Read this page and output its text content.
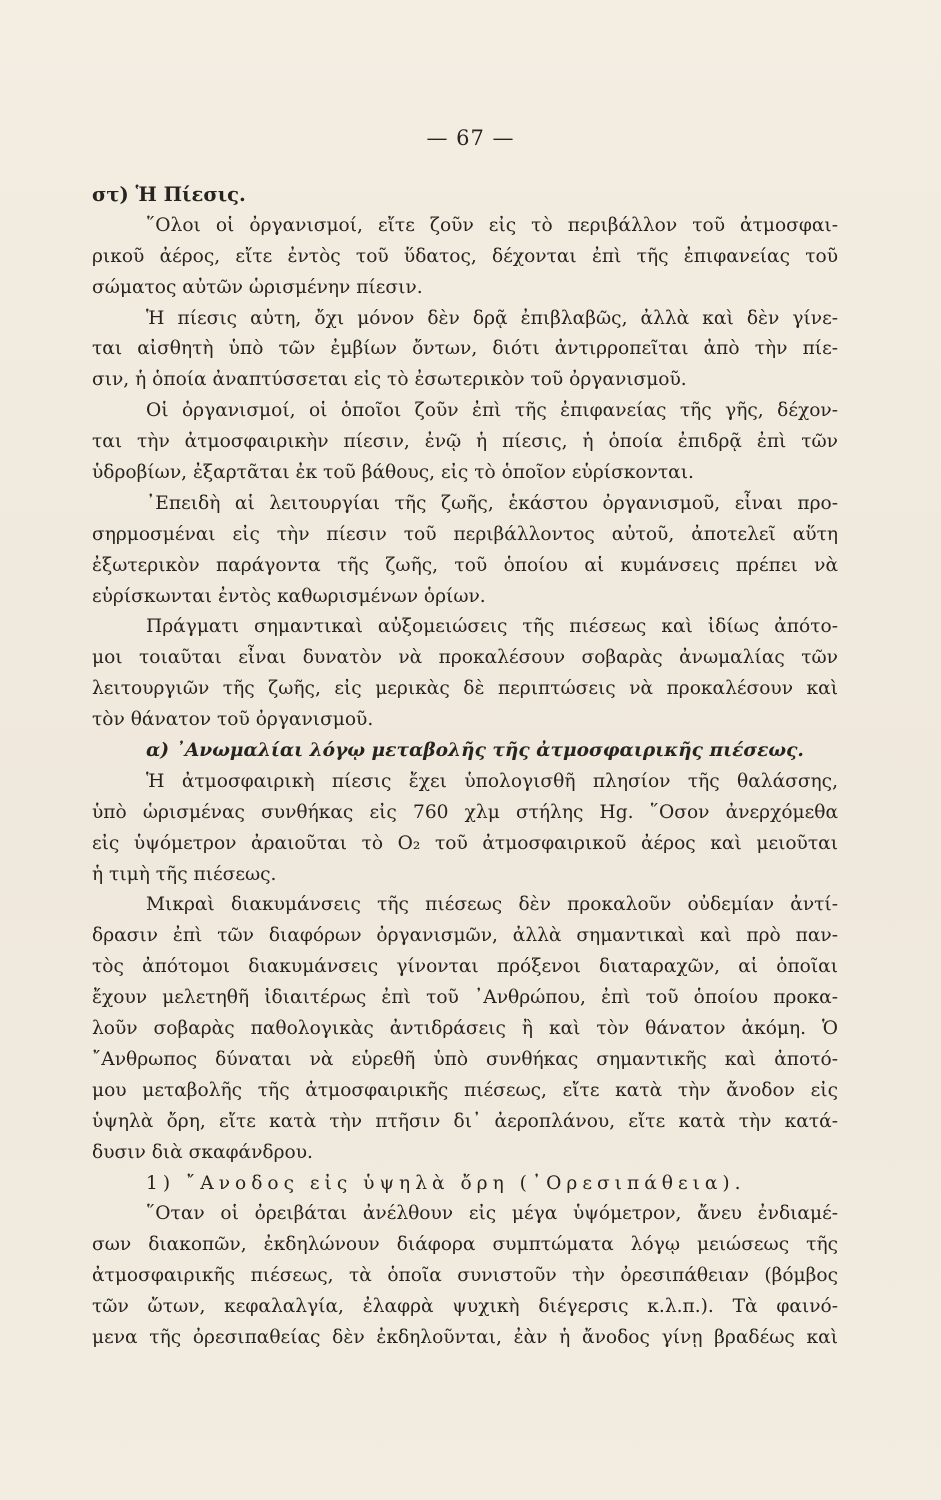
— 67 —
στ) Ἡ Πίεσις.
῞Ολοι οἱ ὀργανισμοί, εἴτε ζοῦν εἰς τὸ περιβάλλον τοῦ ἀτμοσφαι-
ρικοῦ ἀέρος, εἴτε ἐντὸς τοῦ ὕδατος, δέχονται ἐπὶ τῆς ἐπιφανείας τοῦ
σώματος αὐτῶν ὡρισμένην πίεσιν.
Ἡ πίεσις αὐτη, ὄχι μόνον δὲν δρᾷ ἐπιβλαβῶς, ἀλλὰ καὶ δὲν γίνε-
ται αἰσθητὴ ὑπὸ τῶν ἐμβίων ὄντων, διότι ἀντιρροπεῖται ἀπὸ τὴν πίε-
σιν, ἡ ὁποία ἀναπτύσσεται εἰς τὸ ἐσωτερικὸν τοῦ ὀργανισμοῦ.
Οἱ ὀργανισμοί, οἱ ὁποῖοι ζοῦν ἐπὶ τῆς ἐπιφανείας τῆς γῆς, δέχον-
ται τὴν ἀτμοσφαιρικὴν πίεσιν, ἐνῷ ἡ πίεσις, ἡ ὁποία ἐπιδρᾷ ἐπὶ τῶν
ὑδροβίων, ἐξαρτᾶται ἐκ τοῦ βάθους, εἰς τὸ ὁποῖον εὑρίσκονται.
᾿Επειδὴ αἱ λειτουργίαι τῆς ζωῆς, ἑκάστου ὀργανισμοῦ, εἶναι προ-
σηρμοσμέναι εἰς τὴν πίεσιν τοῦ περιβάλλοντος αὐτοῦ, ἀποτελεῖ αὕτη
ἐξωτερικὸν παράγοντα τῆς ζωῆς, τοῦ ὁποίου αἱ κυμάνσεις πρέπει νὰ
εὑρίσκωνται ἐντὸς καθωρισμένων ὁρίων.
Πράγματι σημαντικαὶ αὐξομειώσεις τῆς πιέσεως καὶ ἰδίως ἀπότο-
μοι τοιαῦται εἶναι δυνατὸν νὰ προκαλέσουν σοβαρὰς ἀνωμαλίας τῶν
λειτουργιῶν τῆς ζωῆς, εἰς μερικὰς δὲ περιπτώσεις νὰ προκαλέσουν καὶ
τὸν θάνατον τοῦ ὀργανισμοῦ.
α) ᾿Ανωμαλίαι λόγῳ μεταβολῆς τῆς ἀτμοσφαιρικῆς πιέσεως.
Ἡ ἀτμοσφαιρικὴ πίεσις ἔχει ὑπολογισθῆ πλησίον τῆς θαλάσσης,
ὑπὸ ὡρισμένας συνθήκας εἰς 760 χλμ στήλης Hg. ῞Οσον ἀνερχόμεθα
εἰς ὑψόμετρον ἀραιοῦται τὸ O₂ τοῦ ἀτμοσφαιρικοῦ ἀέρος καὶ μειοῦται
ἡ τιμὴ τῆς πιέσεως.
Μικραὶ διακυμάνσεις τῆς πιέσεως δὲν προκαλοῦν οὐδεμίαν ἀντί-
δρασιν ἐπὶ τῶν διαφόρων ὀργανισμῶν, ἀλλὰ σημαντικαὶ καὶ πρὸ παν-
τὸς ἀπότομοι διακυμάνσεις γίνονται πρόξενοι διαταραχῶν, αἱ ὁποῖαι
ἔχουν μελετηθῆ ἰδιαιτέρως ἐπὶ τοῦ ᾿Ανθρώπου, ἐπὶ τοῦ ὁποίου προκα-
λοῦν σοβαρὰς παθολογικὰς ἀντιδράσεις ἢ καὶ τὸν θάνατον ἀκόμη. Ὁ
῎Ανθρωπος δύναται νὰ εὑρεθῆ ὑπὸ συνθήκας σημαντικῆς καὶ ἀποτό-
μου μεταβολῆς τῆς ἀτμοσφαιρικῆς πιέσεως, εἴτε κατὰ τὴν ἄνοδον εἰς
ὑψηλὰ ὄρη, εἴτε κατὰ τὴν πτῆσιν δι᾿ ἀεροπλάνου, εἴτε κατὰ τὴν κατά-
δυσιν διὰ σκαφάνδρου.
1) ῎Ανοδος εἰς ὑψηλὰ ὄρη (᾿Ορεσιπάθεια).
῞Οταν οἱ ὀρειβάται ἀνέλθουν εἰς μέγα ὑψόμετρον, ἄνευ ἐνδιαμέ-
σων διακοπῶν, ἐκδηλώνουν διάφορα συμπτώματα λόγῳ μειώσεως τῆς
ἀτμοσφαιρικῆς πιέσεως, τὰ ὁποῖα συνιστοῦν τὴν ὀρεσιπάθειαν (βόμβος
τῶν ὤτων, κεφαλαλγία, ἐλαφρὰ ψυχικὴ διέγερσις κ.λ.π.). Τὰ φαινό-
μενα τῆς ὀρεσιπαθείας δὲν ἐκδηλοῦνται, ἐὰν ἡ ἄνοδος γίνῃ βραδέως καὶ
